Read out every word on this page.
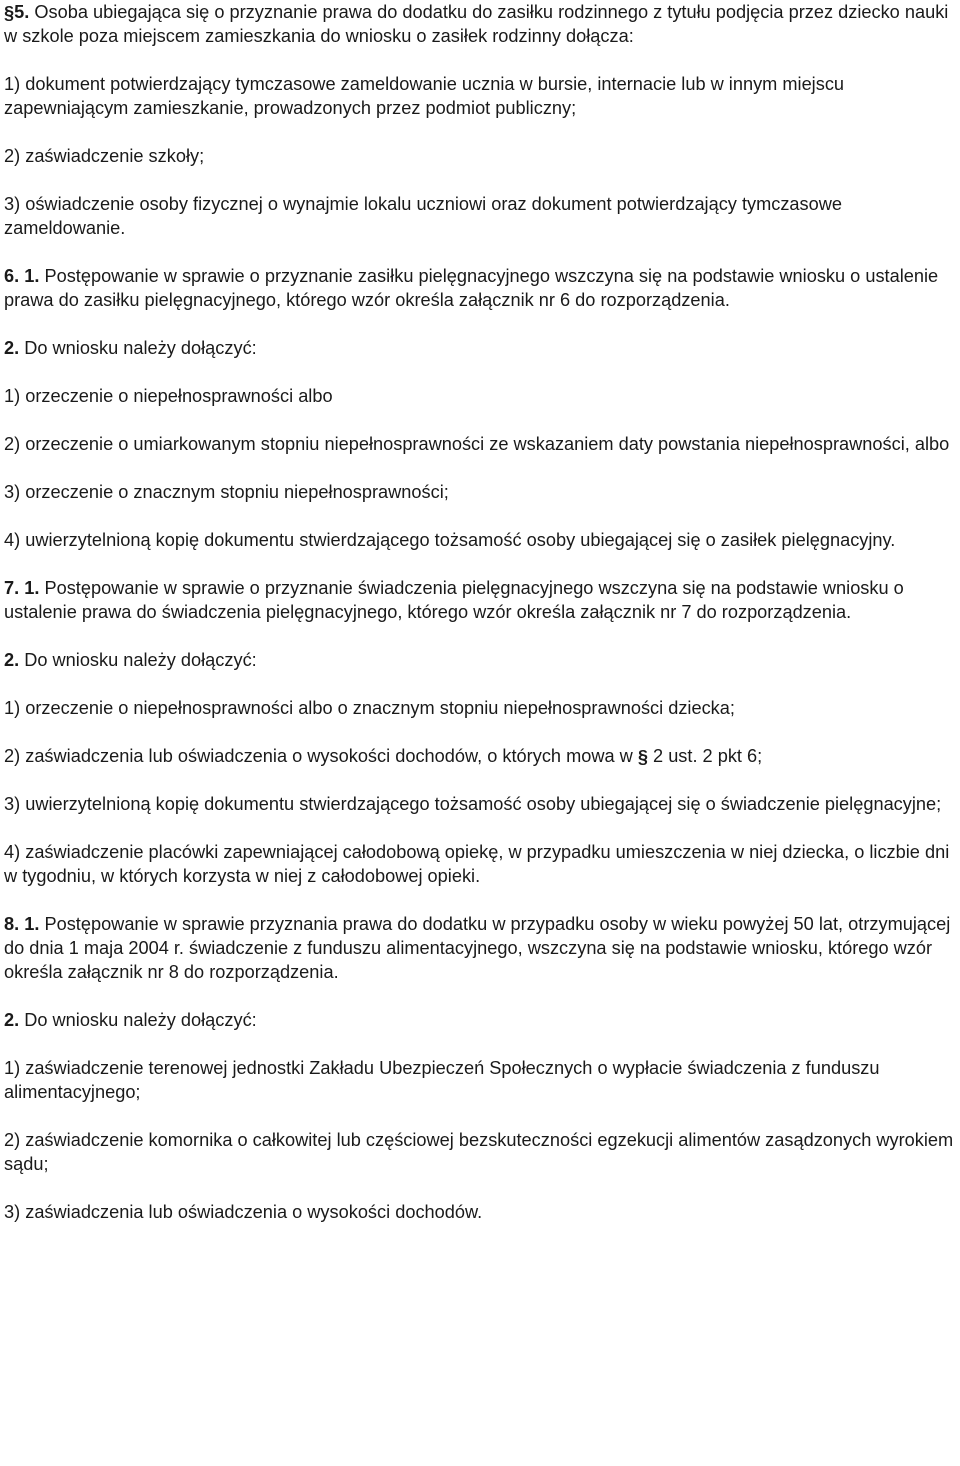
§5. Osoba ubiegająca się o przyznanie prawa do dodatku do zasiłku rodzinnego z tytułu podjęcia przez dziecko nauki w szkole poza miejscem zamieszkania do wniosku o zasiłek rodzinny dołącza:

1) dokument potwierdzający tymczasowe zameldowanie ucznia w bursie, internacie lub w innym miejscu zapewniającym zamieszkanie, prowadzonych przez podmiot publiczny;

2) zaświadczenie szkoły;

3) oświadczenie osoby fizycznej o wynajmie lokalu uczniowi oraz dokument potwierdzający tymczasowe zameldowanie.

6. 1. Postępowanie w sprawie o przyznanie zasiłku pielęgnacyjnego wszczyna się na podstawie wniosku o ustalenie prawa do zasiłku pielęgnacyjnego, którego wzór określa załącznik nr 6 do rozporządzenia.

2. Do wniosku należy dołączyć:

1) orzeczenie o niepełnosprawności albo

2) orzeczenie o umiarkowanym stopniu niepełnosprawności ze wskazaniem daty powstania niepełnosprawności, albo

3) orzeczenie o znacznym stopniu niepełnosprawności;

4) uwierzytelnioną kopię dokumentu stwierdzającego tożsamość osoby ubiegającej się o zasiłek pielęgnacyjny.

7. 1. Postępowanie w sprawie o przyznanie świadczenia pielęgnacyjnego wszczyna się na podstawie wniosku o ustalenie prawa do świadczenia pielęgnacyjnego, którego wzór określa załącznik nr 7 do rozporządzenia.

2. Do wniosku należy dołączyć:

1) orzeczenie o niepełnosprawności albo o znacznym stopniu niepełnosprawności dziecka;

2) zaświadczenia lub oświadczenia o wysokości dochodów, o których mowa w § 2 ust. 2 pkt 6;

3) uwierzytelnioną kopię dokumentu stwierdzającego tożsamość osoby ubiegającej się o świadczenie pielęgnacyjne;

4) zaświadczenie placówki zapewniającej całodobową opiekę, w przypadku umieszczenia w niej dziecka, o liczbie dni w tygodniu, w których korzysta w niej z całodobowej opieki.

8. 1. Postępowanie w sprawie przyznania prawa do dodatku w przypadku osoby w wieku powyżej 50 lat, otrzymującej do dnia 1 maja 2004 r. świadczenie z funduszu alimentacyjnego, wszczyna się na podstawie wniosku, którego wzór określa załącznik nr 8 do rozporządzenia.

2. Do wniosku należy dołączyć:

1) zaświadczenie terenowej jednostki Zakładu Ubezpieczeń Społecznych o wypłacie świadczenia z funduszu alimentacyjnego;

2) zaświadczenie komornika o całkowitej lub częściowej bezskuteczności egzekucji alimentów zasądzonych wyrokiem sądu;

3) zaświadczenia lub oświadczenia o wysokości dochodów.
